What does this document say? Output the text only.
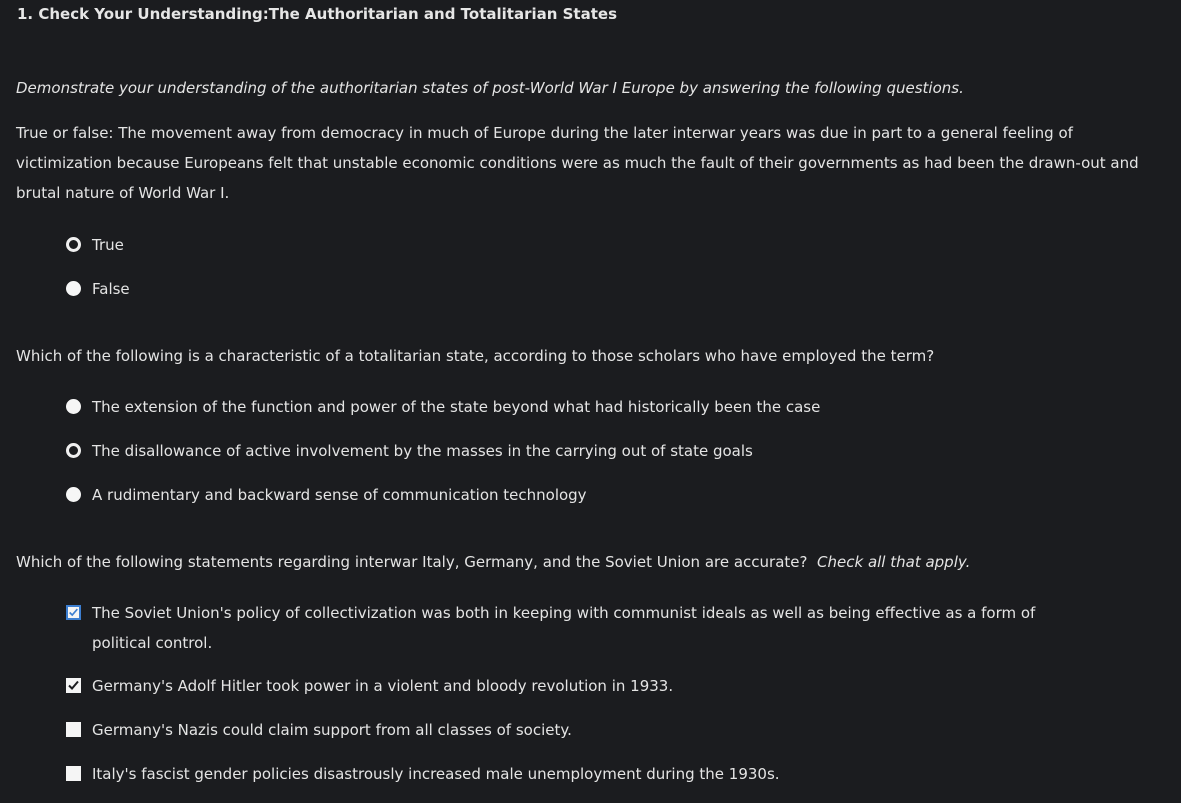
1. Check Your Understanding:The Authoritarian and Totalitarian States

Demonstrate your understanding of the authoritarian states of post-World War I Europe by answering the following questions.

True or false: The movement away from democracy in much of Europe during the later interwar years was due in part to a general feeling of victimization because Europeans felt that unstable economic conditions were as much the fault of their governments as had been the drawn-out and brutal nature of World War I.

True
False

Which of the following is a characteristic of a totalitarian state, according to those scholars who have employed the term?

The extension of the function and power of the state beyond what had historically been the case
The disallowance of active involvement by the masses in the carrying out of state goals
A rudimentary and backward sense of communication technology

Which of the following statements regarding interwar Italy, Germany, and the Soviet Union are accurate? Check all that apply.

The Soviet Union's policy of collectivization was both in keeping with communist ideals as well as being effective as a form of political control.
Germany's Adolf Hitler took power in a violent and bloody revolution in 1933.
Germany's Nazis could claim support from all classes of society.
Italy's fascist gender policies disastrously increased male unemployment during the 1930s.
